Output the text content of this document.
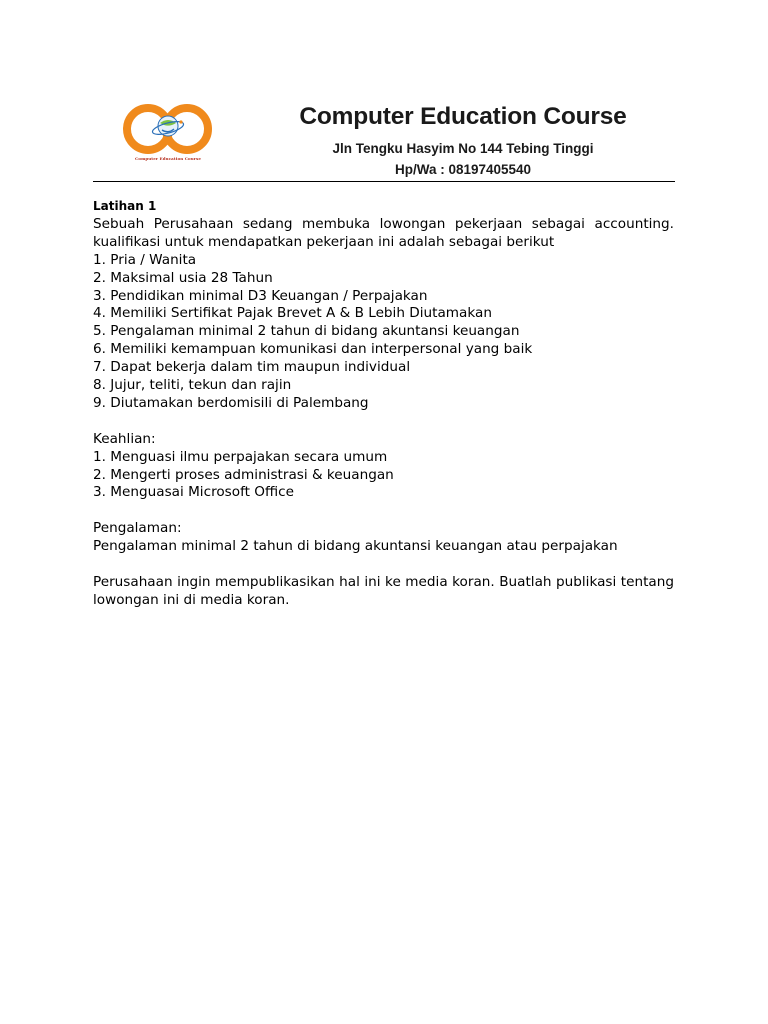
Computer Education Course
Computer Education Course
Jln Tengku Hasyim No 144 Tebing Tinggi
Hp/Wa : 08197405540
Latihan 1
Sebuah Perusahaan sedang membuka lowongan pekerjaan sebagai accounting. kualifikasi untuk mendapatkan pekerjaan ini adalah sebagai berikut
1. Pria / Wanita
2. Maksimal usia 28 Tahun
3. Pendidikan minimal D3 Keuangan / Perpajakan
4. Memiliki Sertifikat Pajak Brevet A & B Lebih Diutamakan
5. Pengalaman minimal 2 tahun di bidang akuntansi keuangan
6. Memiliki kemampuan komunikasi dan interpersonal yang baik
7. Dapat bekerja dalam tim maupun individual
8. Jujur, teliti, tekun dan rajin
9. Diutamakan berdomisili di Palembang
Keahlian:
1. Menguasi ilmu perpajakan secara umum
2. Mengerti proses administrasi & keuangan
3. Menguasai Microsoft Office
Pengalaman:
Pengalaman minimal 2 tahun di bidang akuntansi keuangan atau perpajakan
Perusahaan ingin mempublikasikan hal ini ke media koran. Buatlah publikasi tentang lowongan ini di media koran.
